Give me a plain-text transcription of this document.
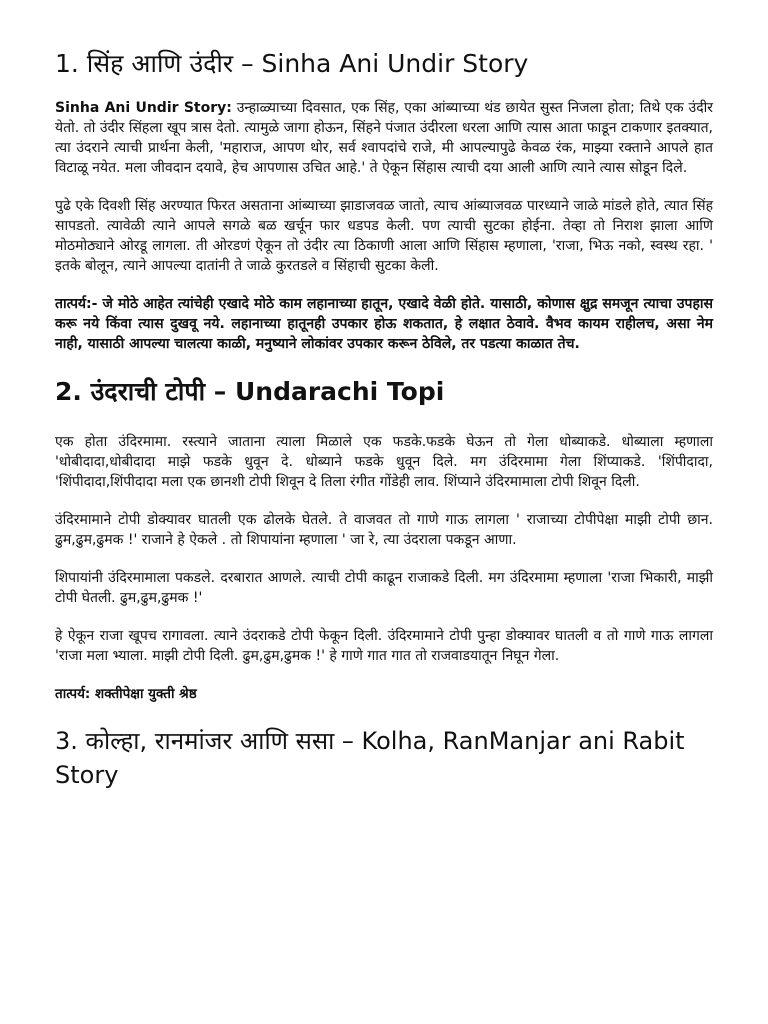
1. सिंह आणि उंदीर – Sinha Ani Undir Story

Sinha Ani Undir Story: उन्हाळ्याच्या दिवसात, एक सिंह, एका आंब्याच्या थंड छायेत सुस्त निजला होता; तिथे एक उंदीर येतो. तो उंदीर सिंहला खूप त्रास देतो. त्यामुळे जागा होऊन, सिंहने पंजात उंदीरला धरला आणि त्यास आता फाडून टाकणार इतक्यात, त्या उंदराने त्याची प्रार्थना केली, 'महाराज, आपण थोर, सर्व श्वापदांचे राजे, मी आपल्यापुढे केवळ रंक, माझ्या रक्ताने आपले हात विटाळू नयेत. मला जीवदान दयावे, हेच आपणास उचित आहे.' ते ऐकून सिंहास त्याची दया आली आणि त्याने त्यास सोडून दिले.

पुढे एके दिवशी सिंह अरण्यात फिरत असताना आंब्याच्या झाडाजवळ जातो, त्याच आंब्याजवळ पारध्याने जाळे मांडले होते, त्यात सिंह सापडतो. त्यावेळी त्याने आपले सगळे बळ खर्चून फार धडपड केली. पण त्याची सुटका होईना. तेव्हा तो निराश झाला आणि मोठमोठ्याने ओरडू लागला. ती ओरडणं ऐकून तो उंदीर त्या ठिकाणी आला आणि सिंहास म्हणाला, 'राजा, भिऊ नको, स्वस्थ रहा. ' इतके बोलून, त्याने आपल्या दातांनी ते जाळे कुरतडले व सिंहाची सुटका केली.

तात्पर्य:- जे मोठे आहेत त्यांचेही एखादे मोठे काम लहानाच्या हातून, एखादे वेळी होते. यासाठी, कोणास क्षुद्र समजून त्याचा उपहास करू नये किंवा त्यास दुखवू नये. लहानाच्या हातूनही उपकार होऊ शकतात, हे लक्षात ठेवावे. वैभव कायम राहीलच, असा नेम नाही, यासाठी आपल्या चालत्या काळी, मनुष्याने लोकांवर उपकार करून ठेविले, तर पडत्या काळात तेच.

2. उंदराची टोपी – Undarachi Topi

एक होता उंदिरमामा. रस्त्याने जाताना त्याला मिळाले एक फडके.फडके घेऊन तो गेला धोब्याकडे. धोब्याला म्हणाला 'धोबीदादा,धोबीदादा माझे फडके धुवून दे. धोब्याने फडके धुवून दिले. मग उंदिरमामा गेला शिंप्याकडे. 'शिंपीदादा, 'शिंपीदादा,शिंपीदादा मला एक छानशी टोपी शिवून दे तिला रंगीत गोंडेही लाव. शिंप्याने उंदिरमामाला टोपी शिवून दिली.

उंदिरमामाने टोपी डोक्यावर घातली एक ढोलके घेतले. ते वाजवत तो गाणे गाऊ लागला ' राजाच्या टोपीपेक्षा माझी टोपी छान. ढुम,ढुम,ढुमक !' राजाने हे ऐकले . तो शिपायांना म्हणाला ' जा रे, त्या उंदराला पकडून आणा.

शिपायांनी उंदिरमामाला पकडले. दरबारात आणले. त्याची टोपी काढून राजाकडे दिली. मग उंदिरमामा म्हणाला 'राजा भिकारी, माझी टोपी घेतली. ढुम,ढुम,ढुमक !'

हे ऐकून राजा खूपच रागावला. त्याने उंदराकडे टोपी फेकून दिली. उंदिरमामाने टोपी पुन्हा डोक्यावर घातली व तो गाणे गाऊ लागला 'राजा मला भ्याला. माझी टोपी दिली. ढुम,ढुम,ढुमक !' हे गाणे गात गात तो राजवाडयातून निघून गेला.

तात्पर्य: शक्तीपेक्षा युक्ती श्रेष्ठ

3. कोल्हा, रानमांजर आणि ससा – Kolha, RanManjar ani Rabit Story
